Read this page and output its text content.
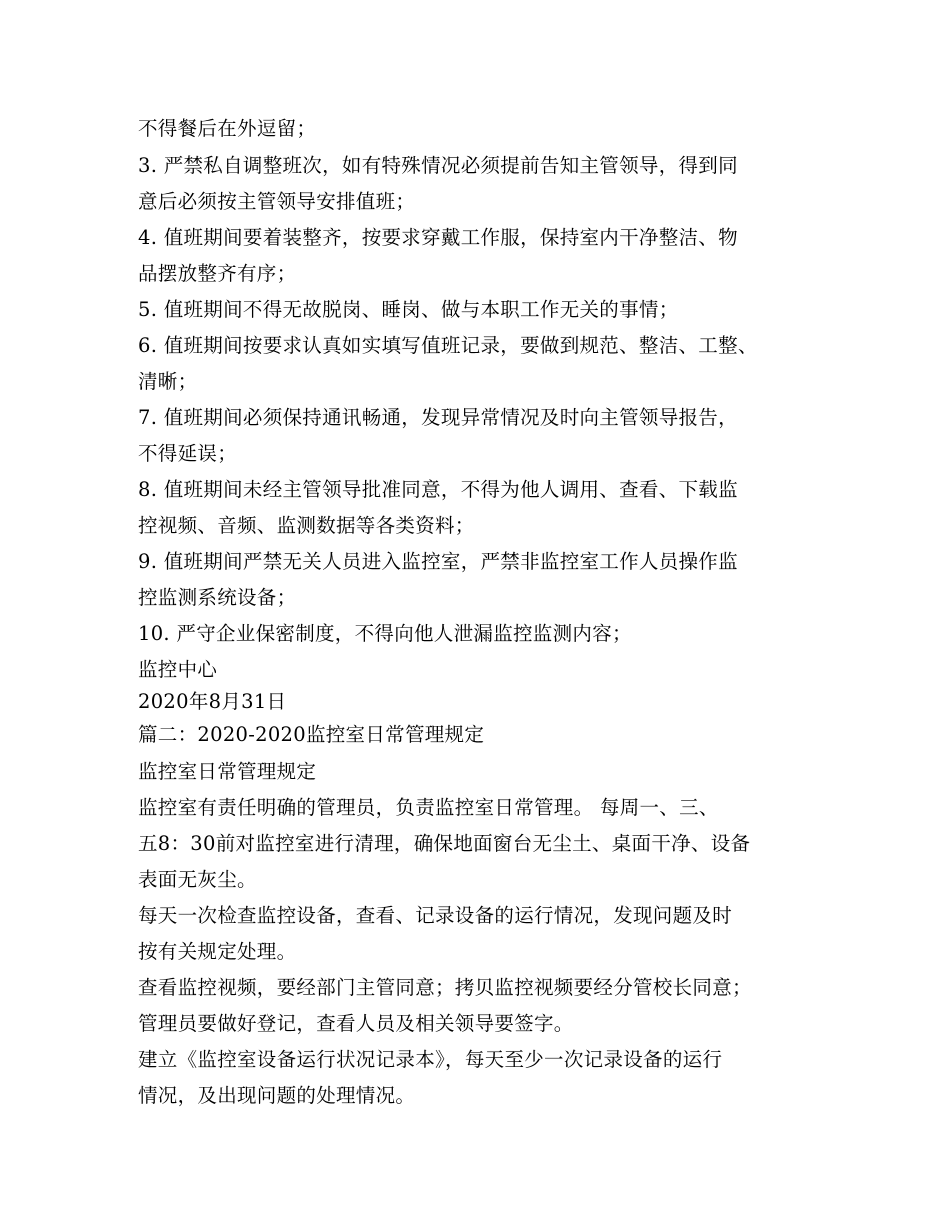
不得餐后在外逗留；
3. 严禁私自调整班次，如有特殊情况必须提前告知主管领导，得到同
意后必须按主管领导安排值班；
4. 值班期间要着装整齐，按要求穿戴工作服，保持室内干净整洁、物
品摆放整齐有序；
5. 值班期间不得无故脱岗、睡岗、做与本职工作无关的事情；
6. 值班期间按要求认真如实填写值班记录，要做到规范、整洁、工整、
清晰；
7. 值班期间必须保持通讯畅通，发现异常情况及时向主管领导报告，
不得延误；
8. 值班期间未经主管领导批准同意，不得为他人调用、查看、下载监
控视频、音频、监测数据等各类资料；
9. 值班期间严禁无关人员进入监控室，严禁非监控室工作人员操作监
控监测系统设备；
10. 严守企业保密制度，不得向他人泄漏监控监测内容；
监控中心
2020年8月31日
篇二：2020-2020监控室日常管理规定
监控室日常管理规定
监控室有责任明确的管理员，负责监控室日常管理。 每周一、三、
五8：30前对监控室进行清理，确保地面窗台无尘土、桌面干净、设备
表面无灰尘。
每天一次检查监控设备，查看、记录设备的运行情况，发现问题及时
按有关规定处理。
查看监控视频，要经部门主管同意；拷贝监控视频要经分管校长同意；
管理员要做好登记，查看人员及相关领导要签字。
建立《监控室设备运行状况记录本》，每天至少一次记录设备的运行
情况，及出现问题的处理情况。
